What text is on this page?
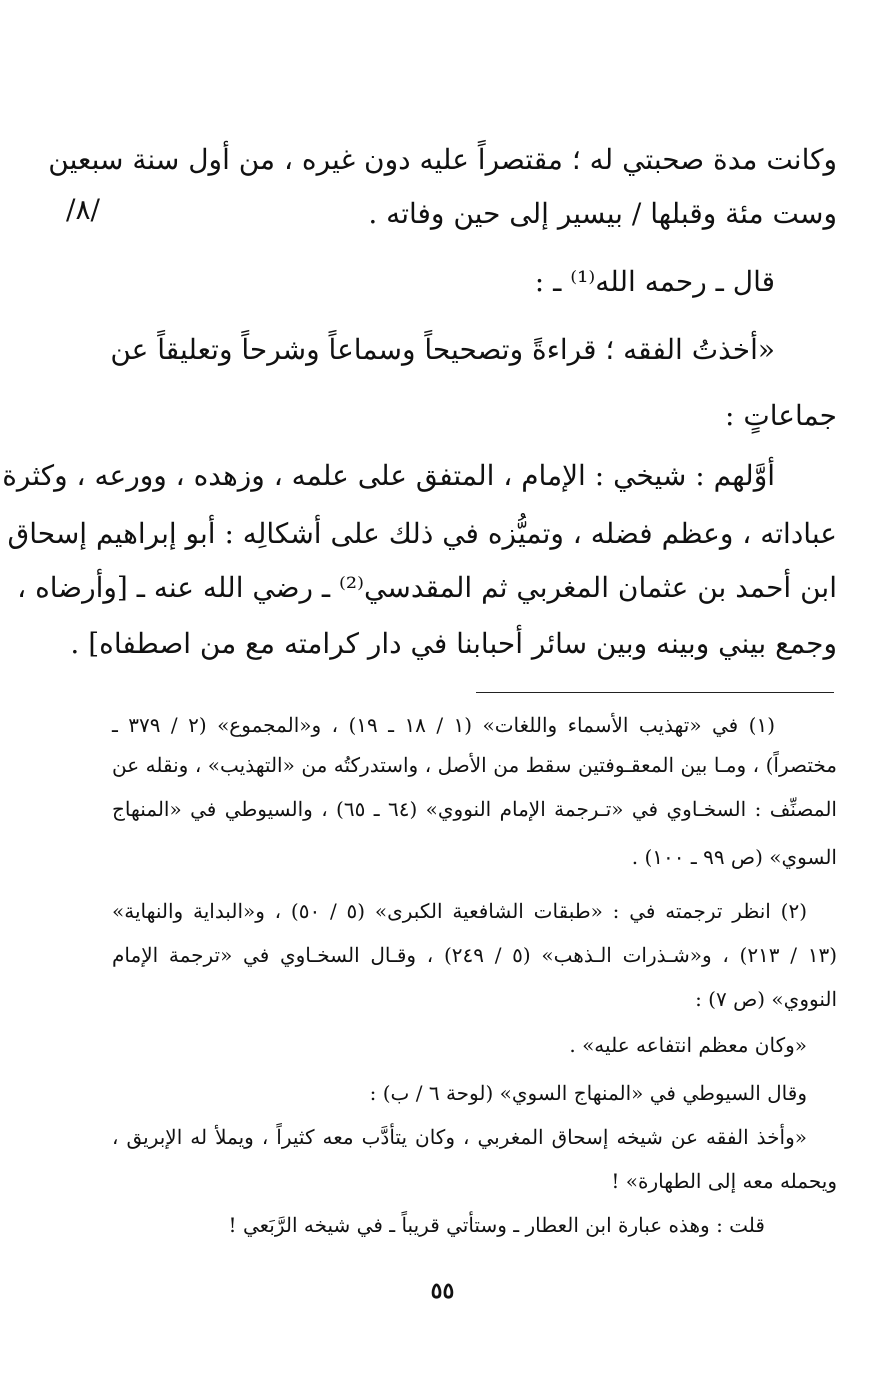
وكانت مدة صحبتي له ؛ مقتصراً عليه دون غيره ، من أول سنة سبعين
وست مئة وقبلها / بيسير إلى حين وفاته .
/٨/
قال ـ رحمه الله⁽¹⁾ ـ :
«أخذتُ الفقه ؛ قراءةً وتصحيحاً وسماعاً وشرحاً وتعليقاً عن
جماعاتٍ :
أوَّلهم : شيخي : الإمام ، المتفق على علمه ، وزهده ، وورعه ، وكثرة
عباداته ، وعظم فضله ، وتميُّزه في ذلك على أشكالِه : أبو إبراهيم إسحاق
ابن أحمد بن عثمان المغربي ثم المقدسي⁽²⁾ ـ رضي الله عنه ـ [وأرضاه ،
وجمع بيني وبينه وبين سائر أحبابنا في دار كرامته مع من اصطفاه] .
(١) في «تهذيب الأسماء واللغات» (١ / ١٨ ـ ١٩) ، و«المجموع» (٢ / ٣٧٩ ـ
مختصراً) ، ومـا بين المعقـوفتين سقط من الأصل ، واستدركتُه من «التهذيب» ، ونقله عن
المصنِّف : السخـاوي في «تـرجمة الإمام النووي» (٦٤ ـ ٦٥) ، والسيوطي في «المنهاج
السوي» (ص ٩٩ ـ ١٠٠) .
(٢) انظر ترجمته في : «طبقات الشافعية الكبرى» (٥ / ٥٠) ، و«البداية والنهاية»
(١٣ / ٢١٣) ، و«شـذرات الـذهب» (٥ / ٢٤٩) ، وقـال السخـاوي في «ترجمة الإمام
النووي» (ص ٧) :
«وكان معظم انتفاعه عليه» .
وقال السيوطي في «المنهاج السوي» (لوحة ٦ / ب) :
«وأخذ الفقه عن شيخه إسحاق المغربي ، وكان يتأدَّب معه كثيراً ، ويملأ له الإبريق ،
ويحمله معه إلى الطهارة» !
قلت : وهذه عبارة ابن العطار ـ وستأتي قريباً ـ في شيخه الرَّبَعي !
٥٥
